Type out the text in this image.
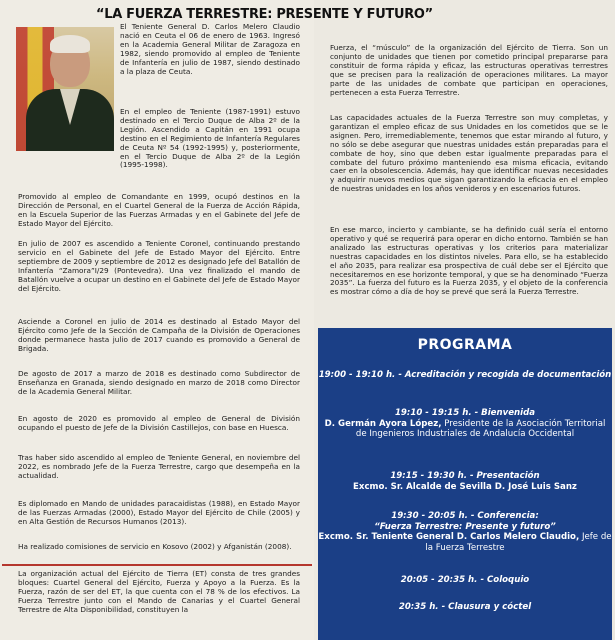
“LA FUERZA TERRESTRE: PRESENTE Y FUTURO”

El Teniente General D. Carlos Melero Claudio nació en Ceuta el 06 de enero de 1963. Ingresó en la Academia General Militar de Zaragoza en 1982, siendo promovido al empleo de Teniente de Infantería en julio de 1987, siendo destinado a la plaza de Ceuta.

En el empleo de Teniente (1987-1991) estuvo destinado en el Tercio Duque de Alba 2º de la Legión. Ascendido a Capitán en 1991 ocupa destino en el Regimiento de Infantería Regulares de Ceuta Nº 54 (1992-1995) y, posteriormente, en el Tercio Duque de Alba 2º de la Legión (1995-1998).

Promovido al empleo de Comandante en 1999, ocupó destinos en la Dirección de Personal, en el Cuartel General de la Fuerza de Acción Rápida, en la Escuela Superior de las Fuerzas Armadas y en el Gabinete del Jefe de Estado Mayor del Ejército.

En julio de 2007 es ascendido a Teniente Coronel, continuando prestando servicio en el Gabinete del Jefe de Estado Mayor del Ejército. Entre septiembre de 2009 y septiembre de 2012 es designado Jefe del Batallón de Infantería “Zamora”I/29 (Pontevedra). Una vez finalizado el mando de Batallón vuelve a ocupar un destino en el Gabinete del Jefe de Estado Mayor del Ejército.

Asciende a Coronel en julio de 2014 es destinado al Estado Mayor del Ejército como Jefe de la Sección de Campaña de la División de Operaciones donde permanece hasta julio de 2017 cuando es promovido a General de Brigada.

De agosto de 2017 a marzo de 2018 es destinado como Subdirector de Enseñanza en Granada, siendo designado en marzo de 2018 como Director de la Academia General Militar.

En agosto de 2020 es promovido al empleo de General de División ocupando el puesto de Jefe de la División Castillejos, con base en Huesca.

Tras haber sido ascendido al empleo de Teniente General, en noviembre del 2022, es nombrado Jefe de la Fuerza Terrestre, cargo que desempeña en la actualidad.

Es diplomado en Mando de unidades paracaidistas (1988), en Estado Mayor de las Fuerzas Armadas (2000), Estado Mayor del Ejército de Chile (2005) y en Alta Gestión de Recursos Humanos (2013).

Ha realizado comisiones de servicio en Kosovo (2002) y Afganistán (2008).

La organización actual del Ejército de Tierra (ET) consta de tres grandes bloques: Cuartel General del Ejército, Fuerza y Apoyo a la Fuerza. Es la Fuerza, razón de ser del ET, la que cuenta con el 78 % de los efectivos. La Fuerza Terrestre junto con el Mando de Canarias y el Cuartel General Terrestre de Alta Disponibilidad, constituyen la

Fuerza, el “músculo” de la organización del Ejército de Tierra. Son un conjunto de unidades que tienen por cometido principal prepararse para constituir de forma rápida y eficaz, las estructuras operativas terrestres que se precisen para la realización de operaciones militares. La mayor parte de las unidades de combate que participan en operaciones, pertenecen a esta Fuerza Terrestre.

Las capacidades actuales de la Fuerza Terrestre son muy completas, y garantizan el empleo eficaz de sus Unidades en los cometidos que se le asignen. Pero, irremediablemente, tenemos que estar mirando al futuro, y no sólo se debe asegurar que nuestras unidades están preparadas para el combate de hoy, sino que deben estar igualmente preparadas para el combate del futuro próximo manteniendo esa misma eficacia, evitando caer en la obsolescencia. Además, hay que identificar nuevas necesidades y adquirir nuevos medios que sigan garantizando la eficacia en el empleo de nuestras unidades en los años venideros y en escenarios futuros.

En ese marco, incierto y cambiante, se ha definido cuál sería el entorno operativo y qué se requerirá para operar en dicho entorno. También se han analizado las estructuras operativas y los criterios para materializar nuestras capacidades en los distintos niveles. Para ello, se ha establecido el año 2035, para realizar esa prospectiva de cuál debe ser el Ejército que necesitaremos en ese horizonte temporal, y que se ha denominado “Fuerza 2035”. La fuerza del futuro es la Fuerza 2035, y el objeto de la conferencia es mostrar cómo a día de hoy se prevé que será la Fuerza Terrestre.

PROGRAMA
19:00 - 19:10 h. - Acreditación y recogida de documentación
19:10 - 19:15 h. - Bienvenida
D. Germán Ayora López, Presidente de la Asociación Territorial de Ingenieros Industriales de Andalucía Occidental
19:15 - 19:30 h. - Presentación
Excmo. Sr. Alcalde de Sevilla D. José Luis Sanz
19:30 - 20:05 h. - Conferencia:
“Fuerza Terrestre: Presente y futuro”
Excmo. Sr. Teniente General D. Carlos Melero Claudio, Jefe de la Fuerza Terrestre
20:05 - 20:35 h. - Coloquio
20:35 h. - Clausura y cóctel
